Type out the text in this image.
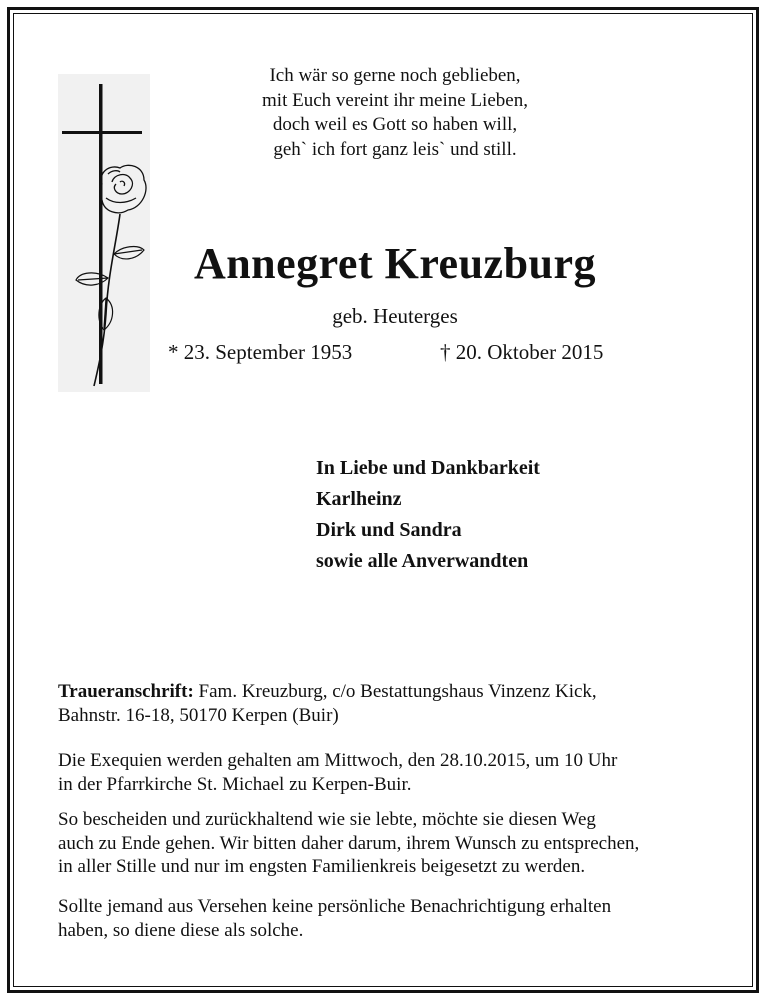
Ich wär so gerne noch geblieben,
mit Euch vereint ihr meine Lieben,
doch weil es Gott so haben will,
geh` ich fort ganz leis` und still.
Annegret Kreuzburg
geb. Heuterges
* 23. September 1953	† 20. Oktober 2015
In Liebe und Dankbarkeit
Karlheinz
Dirk und Sandra
sowie alle Anverwandten
Traueranschrift: Fam. Kreuzburg, c/o Bestattungshaus Vinzenz Kick,
Bahnstr. 16-18, 50170 Kerpen (Buir)
Die Exequien werden gehalten am Mittwoch, den 28.10.2015, um 10 Uhr
in der Pfarrkirche St. Michael zu Kerpen-Buir.
So bescheiden und zurückhaltend wie sie lebte, möchte sie diesen Weg
auch zu Ende gehen. Wir bitten daher darum, ihrem Wunsch zu entsprechen,
in aller Stille und nur im engsten Familienkreis beigesetzt zu werden.
Sollte jemand aus Versehen keine persönliche Benachrichtigung erhalten
haben, so diene diese als solche.
